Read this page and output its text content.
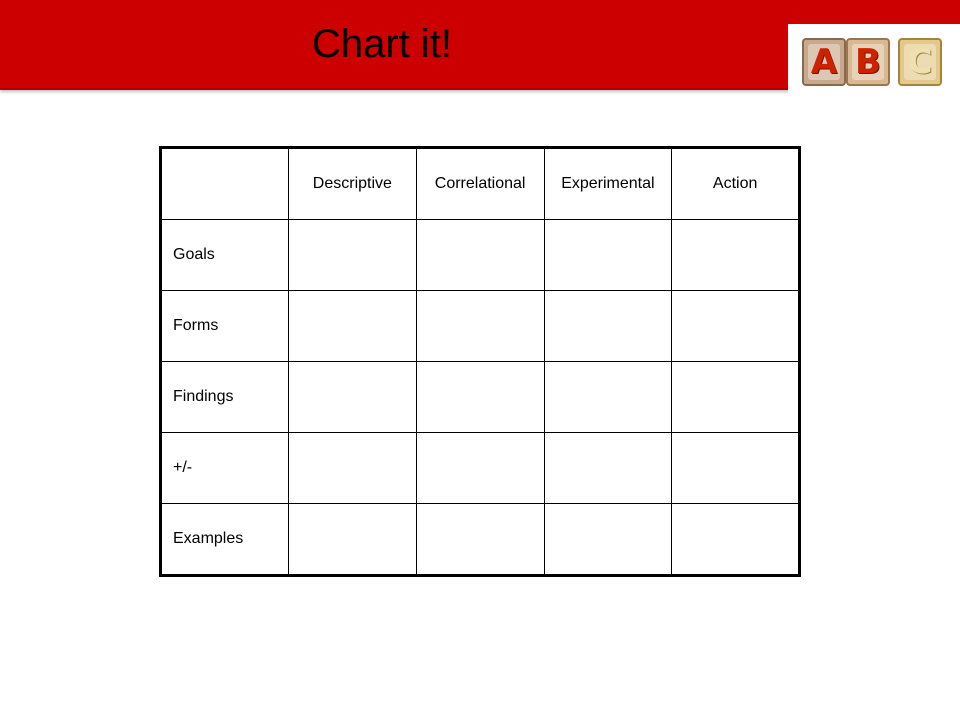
Chart it!	A B C
	Descriptive	Correlational	Experimental	Action
Goals				
Forms				
Findings				
+/-				
Examples				
